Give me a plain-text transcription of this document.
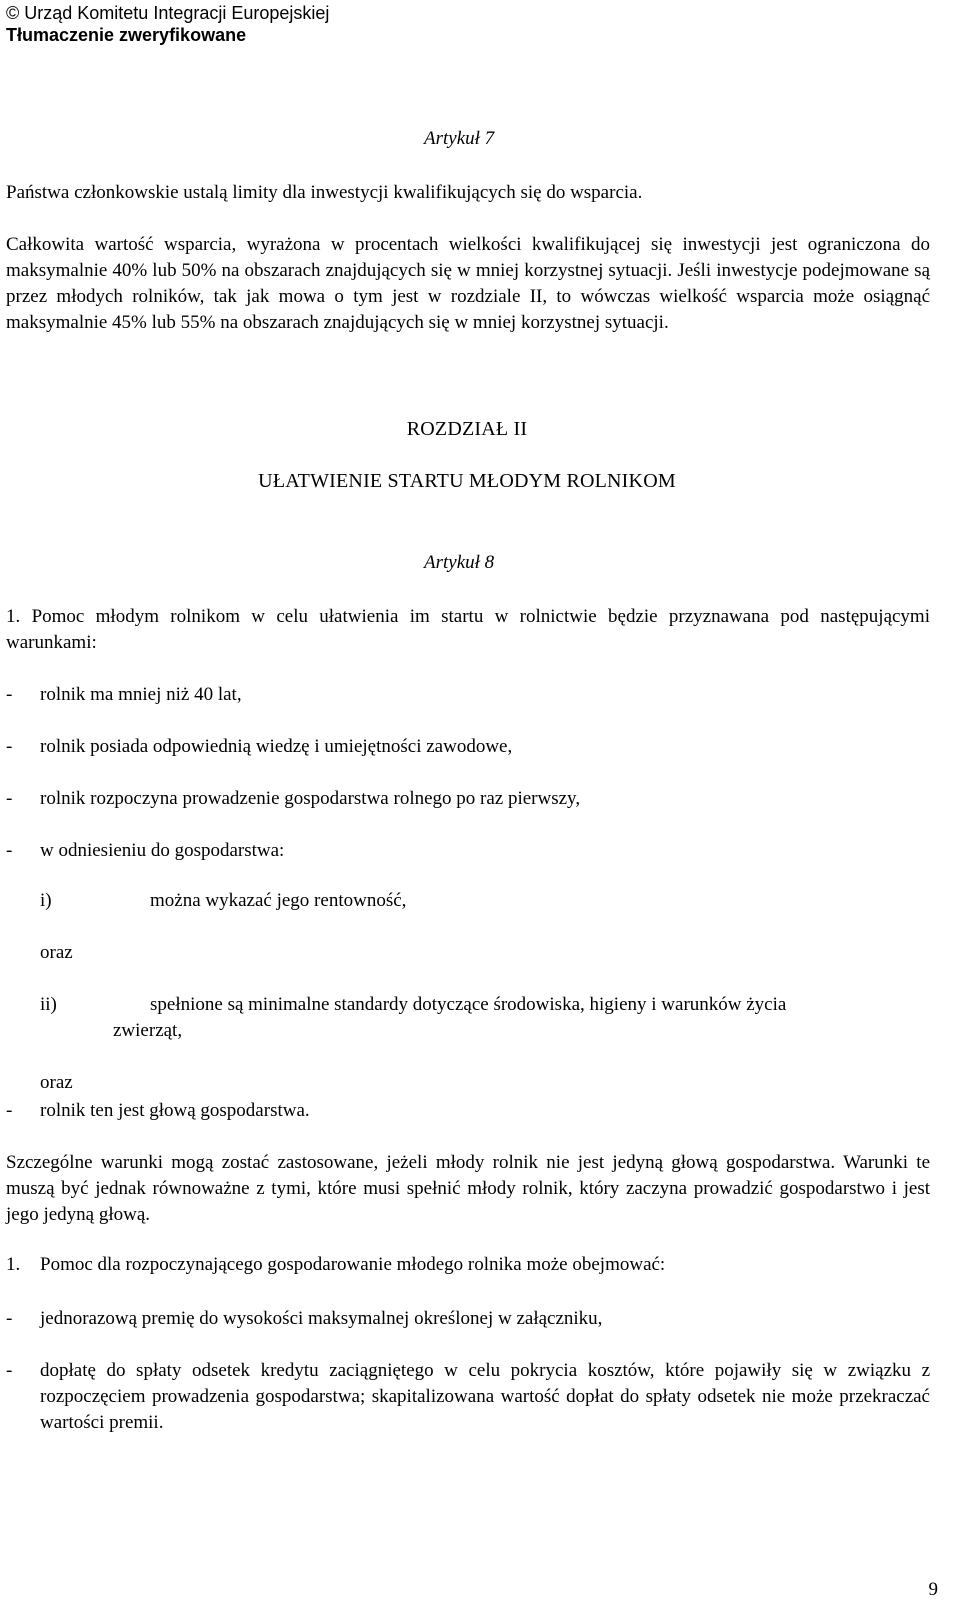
© Urząd Komitetu Integracji Europejskiej
Tłumaczenie zweryfikowane
Artykuł 7
Państwa członkowskie ustalą limity dla inwestycji kwalifikujących się do wsparcia.
Całkowita wartość wsparcia, wyrażona w procentach wielkości kwalifikującej się inwestycji jest ograniczona do maksymalnie 40% lub 50% na obszarach znajdujących się w mniej korzystnej sytuacji. Jeśli inwestycje podejmowane są przez młodych rolników, tak jak mowa o tym jest w rozdziale II, to wówczas wielkość wsparcia może osiągnąć maksymalnie 45% lub 55% na obszarach znajdujących się w mniej korzystnej sytuacji.
ROZDZIAŁ II
UŁATWIENIE STARTU MŁODYM ROLNIKOM
Artykuł 8
1. Pomoc młodym rolnikom w celu ułatwienia im startu w rolnictwie będzie przyznawana pod następującymi warunkami:
- rolnik ma mniej niż 40 lat,
- rolnik posiada odpowiednią wiedzę i umiejętności zawodowe,
- rolnik rozpoczyna prowadzenie gospodarstwa rolnego po raz pierwszy,
- w odniesieniu do gospodarstwa:
i)	można wykazać jego rentowność,
oraz
ii)	spełnione są minimalne standardy dotyczące środowiska, higieny i warunków życia
zwierząt,
oraz
- rolnik ten jest głową gospodarstwa.
Szczególne warunki mogą zostać zastosowane, jeżeli młody rolnik nie jest jedyną głową gospodarstwa. Warunki te muszą być jednak równoważne z tymi, które musi spełnić młody rolnik, który zaczyna prowadzić gospodarstwo i jest jego jedyną głową.
1. Pomoc dla rozpoczynającego gospodarowanie młodego rolnika może obejmować:
- jednorazową premię do wysokości maksymalnej określonej w załączniku,
- dopłatę do spłaty odsetek kredytu zaciągniętego w celu pokrycia kosztów, które pojawiły się w związku z rozpoczęciem prowadzenia gospodarstwa; skapitalizowana wartość dopłat do spłaty odsetek nie może przekraczać wartości premii.
9
